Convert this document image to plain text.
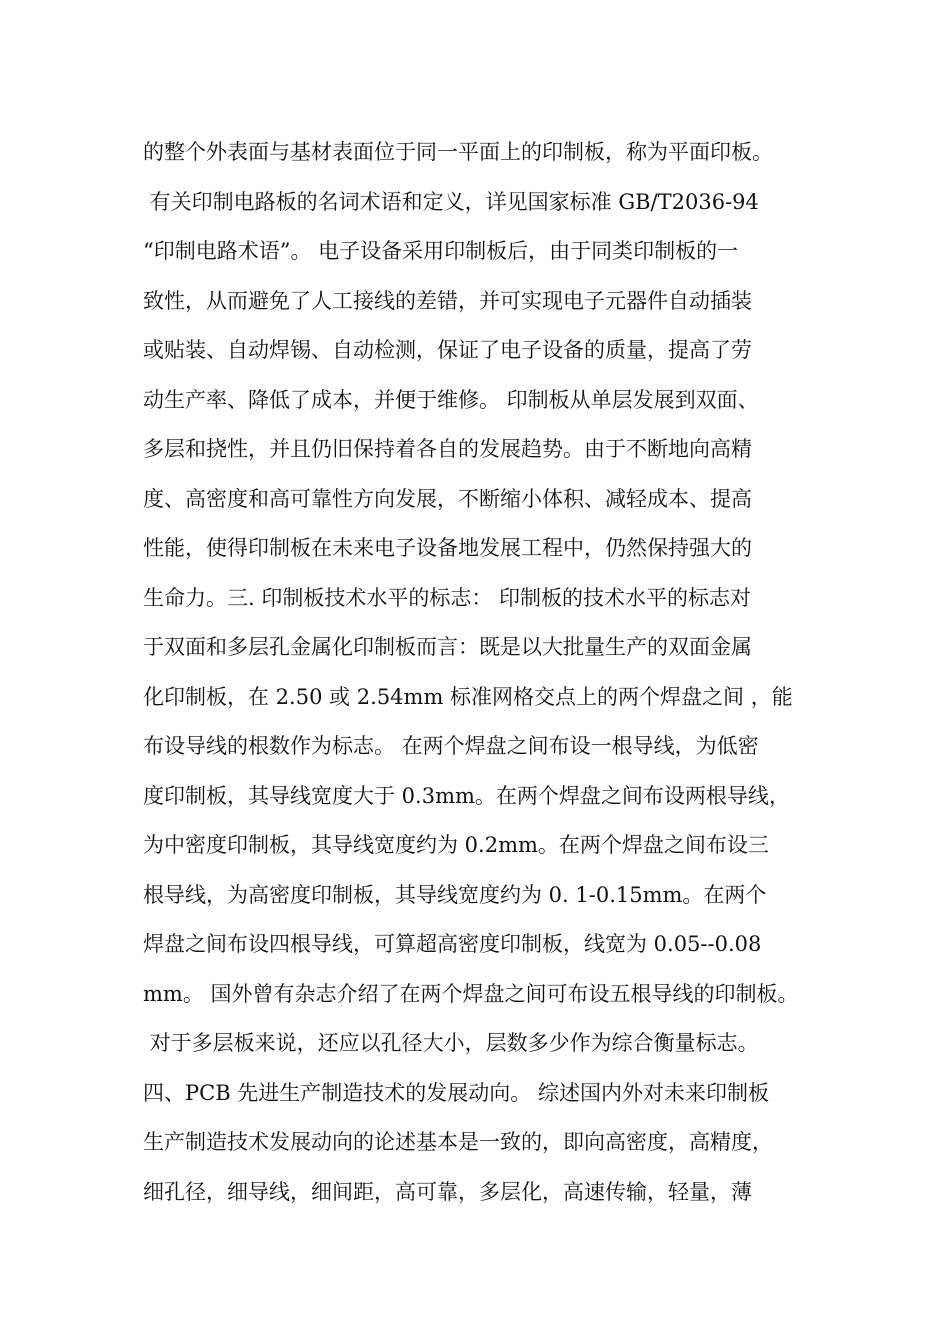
的整个外表面与基材表面位于同一平面上的印制板，称为平面印板。
有关印制电路板的名词术语和定义，详见国家标准 GB/T2036-94
“印制电路术语”。 电子设备采用印制板后，由于同类印制板的一
致性，从而避免了人工接线的差错，并可实现电子元器件自动插装
或贴装、自动焊锡、自动检测，保证了电子设备的质量，提高了劳
动生产率、降低了成本，并便于维修。 印制板从单层发展到双面、
多层和挠性，并且仍旧保持着各自的发展趋势。由于不断地向高精
度、高密度和高可靠性方向发展，不断缩小体积、减轻成本、提高
性能，使得印制板在未来电子设备地发展工程中，仍然保持强大的
生命力。三. 印制板技术水平的标志： 印制板的技术水平的标志对
于双面和多层孔金属化印制板而言：既是以大批量生产的双面金属
化印制板，在 2.50 或 2.54mm 标准网格交点上的两个焊盘之间 ，能
布设导线的根数作为标志。 在两个焊盘之间布设一根导线，为低密
度印制板，其导线宽度大于 0.3mm。在两个焊盘之间布设两根导线，
为中密度印制板，其导线宽度约为 0.2mm。在两个焊盘之间布设三
根导线，为高密度印制板，其导线宽度约为 0. 1-0.15mm。在两个
焊盘之间布设四根导线，可算超高密度印制板，线宽为 0.05--0.08
mm。 国外曾有杂志介绍了在两个焊盘之间可布设五根导线的印制板。
对于多层板来说，还应以孔径大小，层数多少作为综合衡量标志。
四、PCB 先进生产制造技术的发展动向。 综述国内外对未来印制板
生产制造技术发展动向的论述基本是一致的，即向高密度，高精度，
细孔径，细导线，细间距，高可靠，多层化，高速传输，轻量，薄
